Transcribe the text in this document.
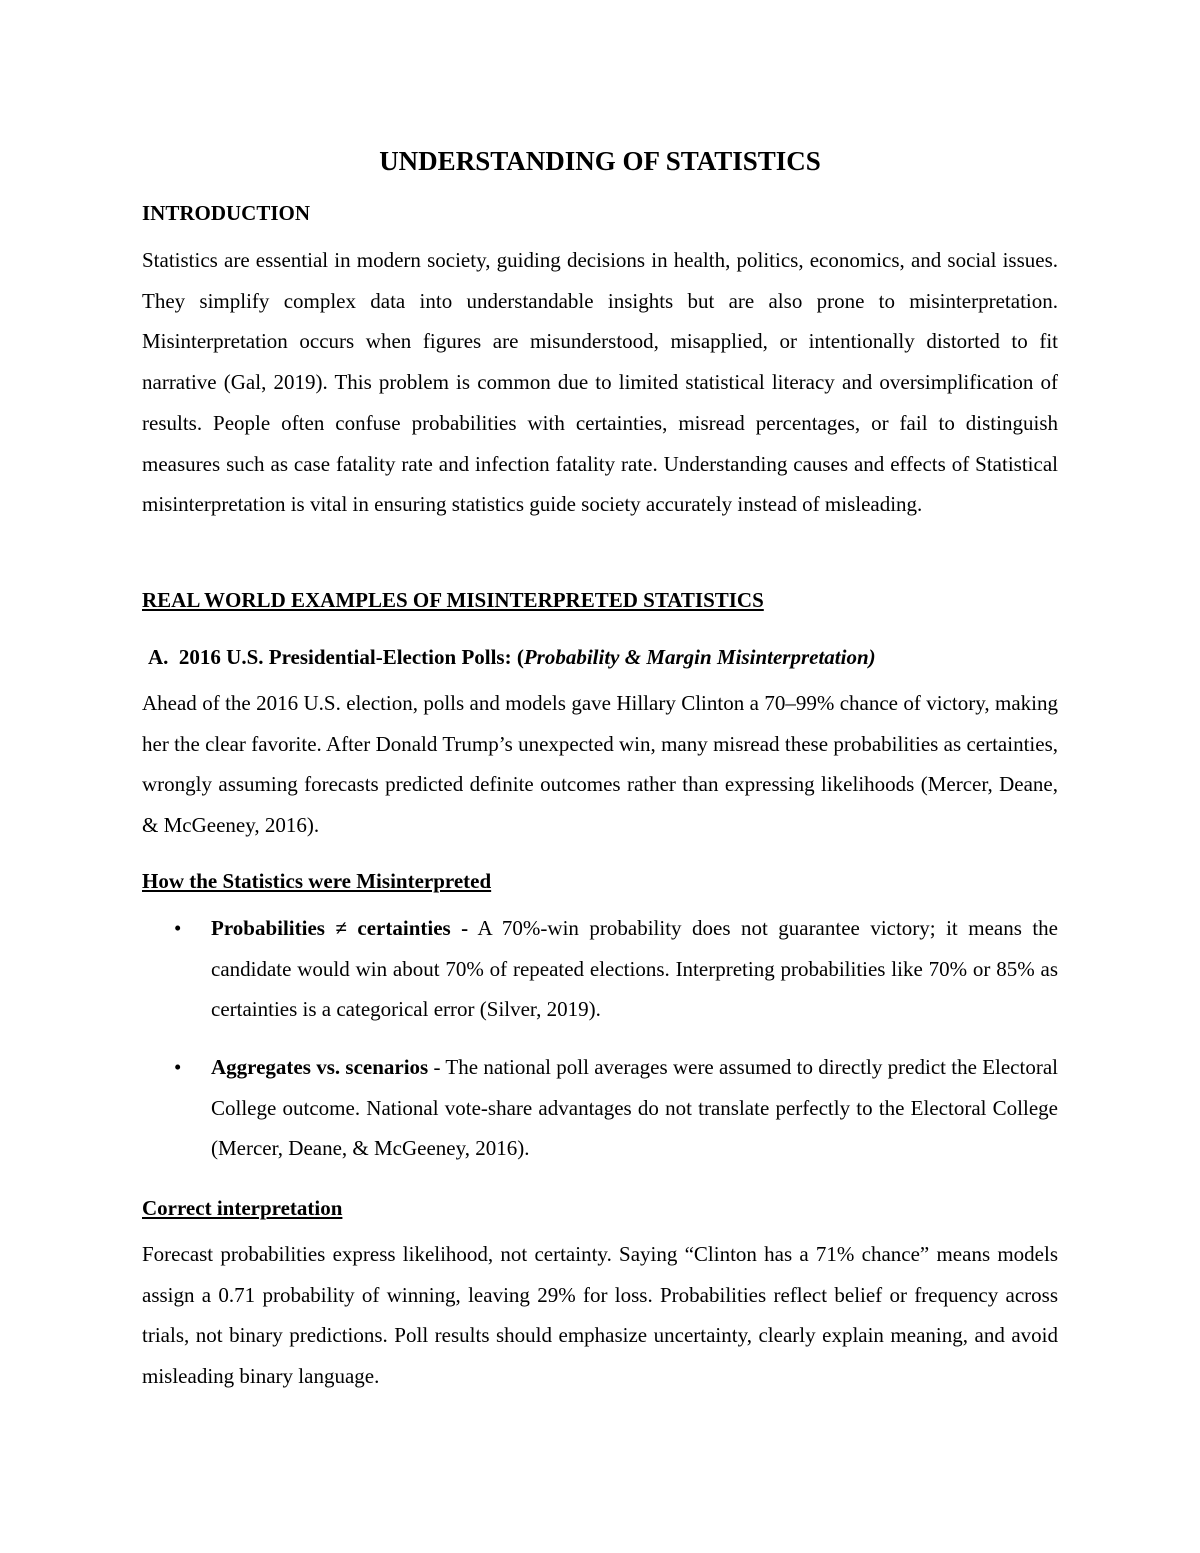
UNDERSTANDING OF STATISTICS
INTRODUCTION
Statistics are essential in modern society, guiding decisions in health, politics, economics, and social issues. They simplify complex data into understandable insights but are also prone to misinterpretation. Misinterpretation occurs when figures are misunderstood, misapplied, or intentionally distorted to fit narrative (Gal, 2019). This problem is common due to limited statistical literacy and oversimplification of results. People often confuse probabilities with certainties, misread percentages, or fail to distinguish measures such as case fatality rate and infection fatality rate. Understanding causes and effects of Statistical misinterpretation is vital in ensuring statistics guide society accurately instead of misleading.
REAL WORLD EXAMPLES OF MISINTERPRETED STATISTICS
A. 2016 U.S. Presidential-Election Polls: (Probability & Margin Misinterpretation)
Ahead of the 2016 U.S. election, polls and models gave Hillary Clinton a 70–99% chance of victory, making her the clear favorite. After Donald Trump’s unexpected win, many misread these probabilities as certainties, wrongly assuming forecasts predicted definite outcomes rather than expressing likelihoods (Mercer, Deane, & McGeeney, 2016).
How the Statistics were Misinterpreted
• Probabilities ≠ certainties - A 70%-win probability does not guarantee victory; it means the candidate would win about 70% of repeated elections. Interpreting probabilities like 70% or 85% as certainties is a categorical error (Silver, 2019).
• Aggregates vs. scenarios - The national poll averages were assumed to directly predict the Electoral College outcome. National vote-share advantages do not translate perfectly to the Electoral College (Mercer, Deane, & McGeeney, 2016).
Correct interpretation
Forecast probabilities express likelihood, not certainty. Saying “Clinton has a 71% chance” means models assign a 0.71 probability of winning, leaving 29% for loss. Probabilities reflect belief or frequency across trials, not binary predictions. Poll results should emphasize uncertainty, clearly explain meaning, and avoid misleading binary language.
